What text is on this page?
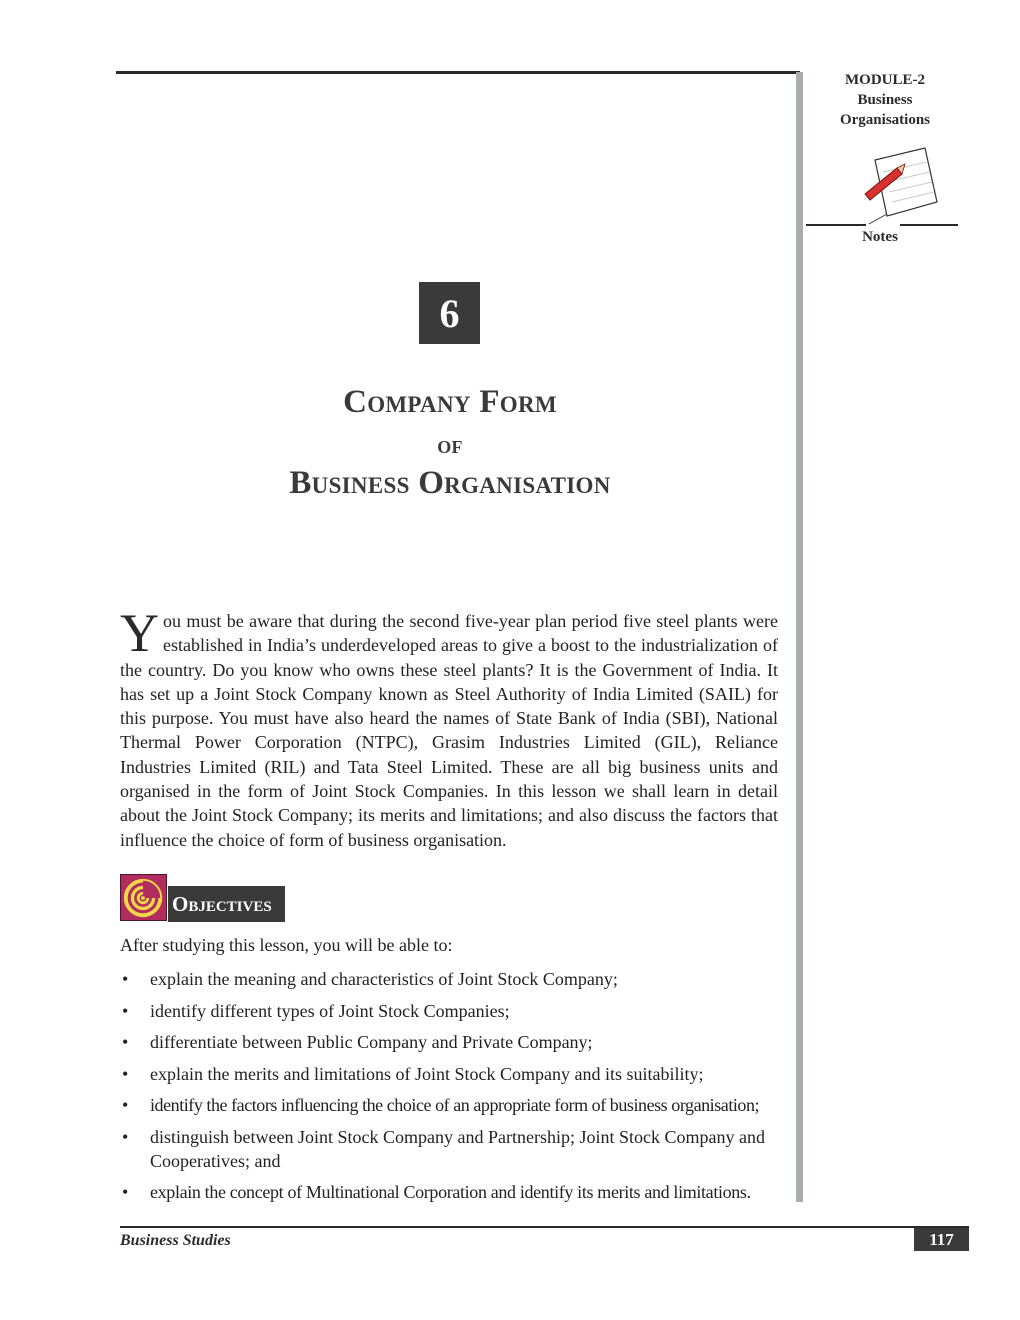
MODULE-2
Business
Organisations
Notes
6
Company Form
of
Business Organisation
You must be aware that during the second five-year plan period five steel plants were established in India’s underdeveloped areas to give a boost to the industrialization of the country. Do you know who owns these steel plants? It is the Government of India. It has set up a Joint Stock Company known as Steel Authority of India Limited (SAIL) for this purpose. You must have also heard the names of State Bank of India (SBI), National Thermal Power Corporation (NTPC), Grasim Industries Limited (GIL), Reliance Industries Limited (RIL) and Tata Steel Limited. These are all big business units and organised in the form of Joint Stock Companies. In this lesson we shall learn in detail about the Joint Stock Company; its merits and limitations; and also discuss the factors that influence the choice of form of business organisation.
Objectives
After studying this lesson, you will be able to:
• explain the meaning and characteristics of Joint Stock Company;
• identify different types of Joint Stock Companies;
• differentiate between Public Company and Private Company;
• explain the merits and limitations of Joint Stock Company and its suitability;
• identify the factors influencing the choice of an appropriate form of business organisation;
• distinguish between Joint Stock Company and Partnership; Joint Stock Company and Cooperatives; and
• explain the concept of Multinational Corporation and identify its merits and limitations.
Business Studies	117
